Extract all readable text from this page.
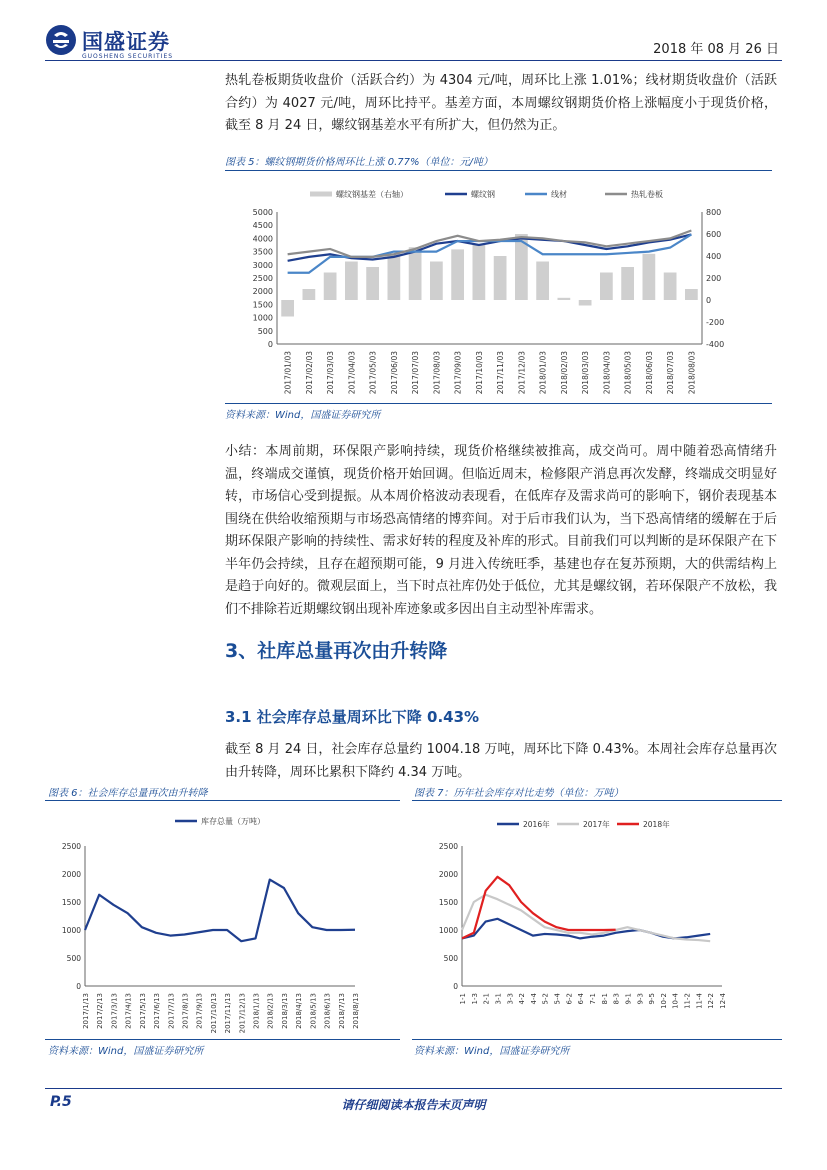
国盛证券
GUOSHENG SECURITIES	2018 年 08 月 26 日
热轧卷板期货收盘价（活跃合约）为 4304 元/吨，周环比上涨 1.01%；线材期货收盘价（活跃合约）为 4027 元/吨，周环比持平。基差方面，本周螺纹钢期货价格上涨幅度小于现货价格，截至 8 月 24 日，螺纹钢基差水平有所扩大，但仍然为正。
图表 5：螺纹钢期货价格周环比上涨 0.77%（单位：元/吨）
螺纹钢基差（右轴）	螺纹钢	线材	热轧卷板
0
500
1000
1500
2000
2500
3000
3500
4000
4500
5000
-400
-200
0
200
400
600
800
2017/01/03 2017/02/03 2017/03/03 2017/04/03 2017/05/03 2017/06/03 2017/07/03 2017/08/03 2017/09/03 2017/10/03 2017/11/03 2017/12/03 2018/01/03 2018/02/03 2018/03/03 2018/04/03 2018/05/03 2018/06/03 2018/07/03 2018/08/03
资料来源：Wind，国盛证券研究所
小结：本周前期，环保限产影响持续，现货价格继续被推高，成交尚可。周中随着恐高情绪升温，终端成交谨慎，现货价格开始回调。但临近周末，检修限产消息再次发酵，终端成交明显好转，市场信心受到提振。从本周价格波动表现看，在低库存及需求尚可的影响下，钢价表现基本围绕在供给收缩预期与市场恐高情绪的博弈间。对于后市我们认为，当下恐高情绪的缓解在于后期环保限产影响的持续性、需求好转的程度及补库的形式。目前我们可以判断的是环保限产在下半年仍会持续，且存在超预期可能，9 月进入传统旺季，基建也存在复苏预期，大的供需结构上是趋于向好的。微观层面上，当下时点社库仍处于低位，尤其是螺纹钢，若环保限产不放松，我们不排除若近期螺纹钢出现补库迹象或多因出自主动型补库需求。
3、社库总量再次由升转降
3.1 社会库存总量周环比下降 0.43%
截至 8 月 24 日，社会库存总量约 1004.18 万吨，周环比下降 0.43%。本周社会库存总量再次由升转降，周环比累积下降约 4.34 万吨。
图表 6：社会库存总量再次由升转降
库存总量（万吨）
0
500
1000
1500
2000
2500
2017/1/13 2017/2/13 2017/3/13 2017/4/13 2017/5/13 2017/6/13 2017/7/13 2017/8/13 2017/9/13 2017/10/13 2017/11/13 2017/12/13 2018/1/13 2018/2/13 2018/3/13 2018/4/13 2018/5/13 2018/6/13 2018/7/13 2018/8/13
资料来源：Wind，国盛证券研究所
图表 7：历年社会库存对比走势（单位：万吨）
2016年	2017年	2018年
0
500
1000
1500
2000
2500
1-1 1-3 2-1 3-1 3-3 4-2 4-4 5-2 5-4 6-2 6-4 7-1 8-1 8-3 9-1 9-3 9-5 10-2 10-4 11-2 11-4 12-2 12-4
资料来源：Wind，国盛证券研究所
请仔细阅读本报告末页声明
P.5
